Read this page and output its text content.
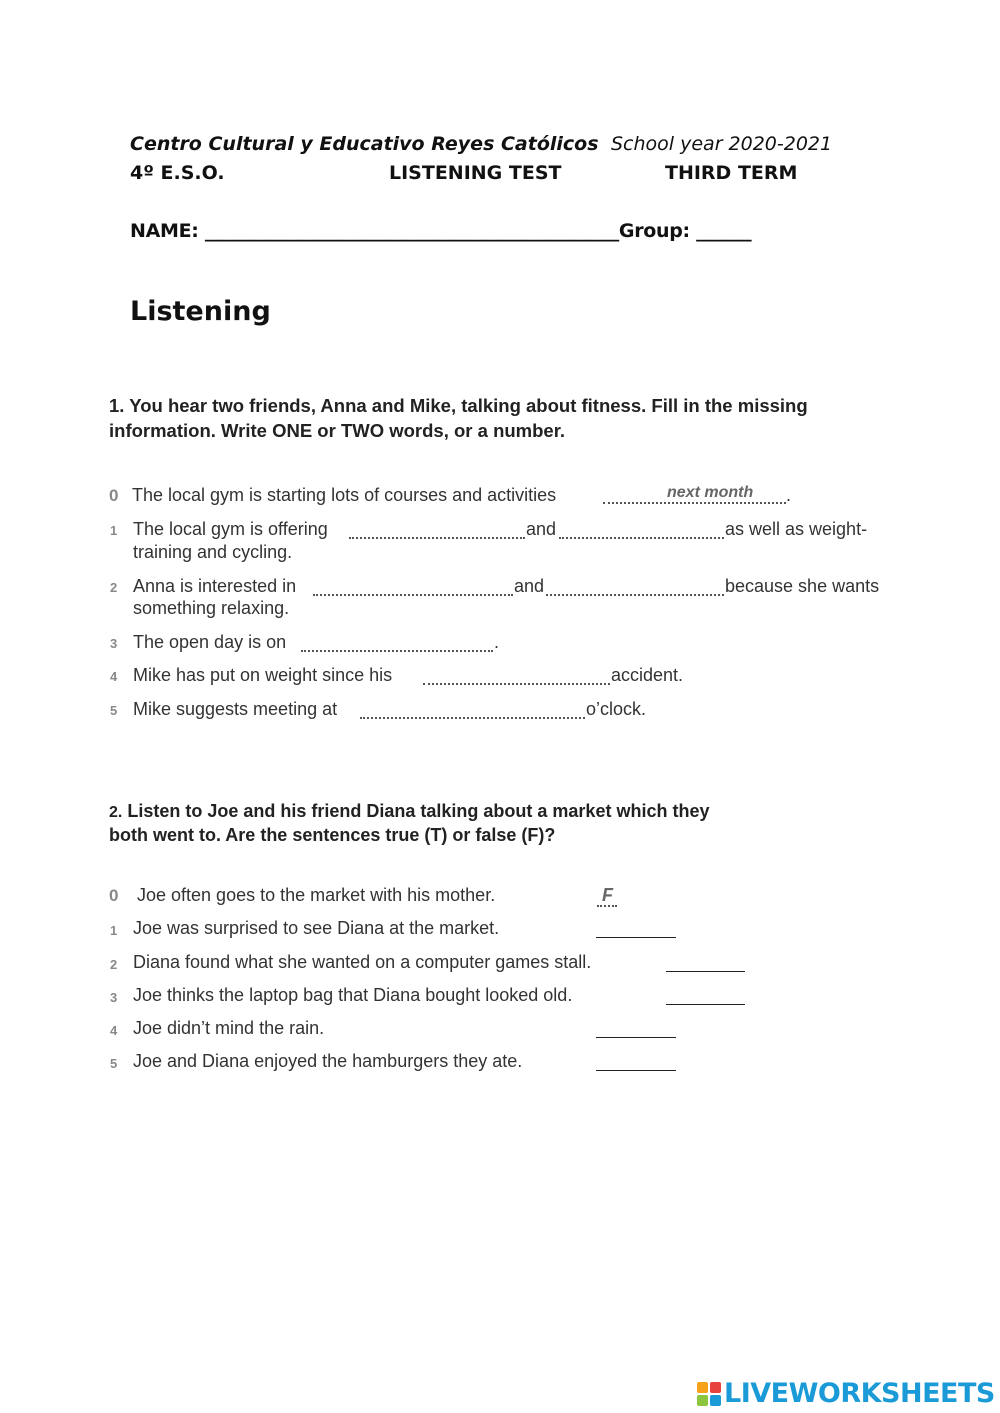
Centro Cultural y Educativo Reyes Católicos School year 2020-2021
4º E.S.O.	LISTENING TEST	THIRD TERM
NAME: _____________________________________________Group: ______
Listening
1. You hear two friends, Anna and Mike, talking about fitness. Fill in the missing
information. Write ONE or TWO words, or a number.
0 The local gym is starting lots of courses and activities	next month .
1 The local gym is offering	and	as well as weight-
training and cycling.
2 Anna is interested in	and	because she wants
something relaxing.
3 The open day is on	.
4 Mike has put on weight since his	accident.
5 Mike suggests meeting at	o’clock.
2. Listen to Joe and his friend Diana talking about a market which they
both went to. Are the sentences true (T) or false (F)?
0 Joe often goes to the market with his mother.	F
1 Joe was surprised to see Diana at the market.
2 Diana found what she wanted on a computer games stall.
3 Joe thinks the laptop bag that Diana bought looked old.
4 Joe didn’t mind the rain.
5 Joe and Diana enjoyed the hamburgers they ate.
LIVEWORKSHEETS
